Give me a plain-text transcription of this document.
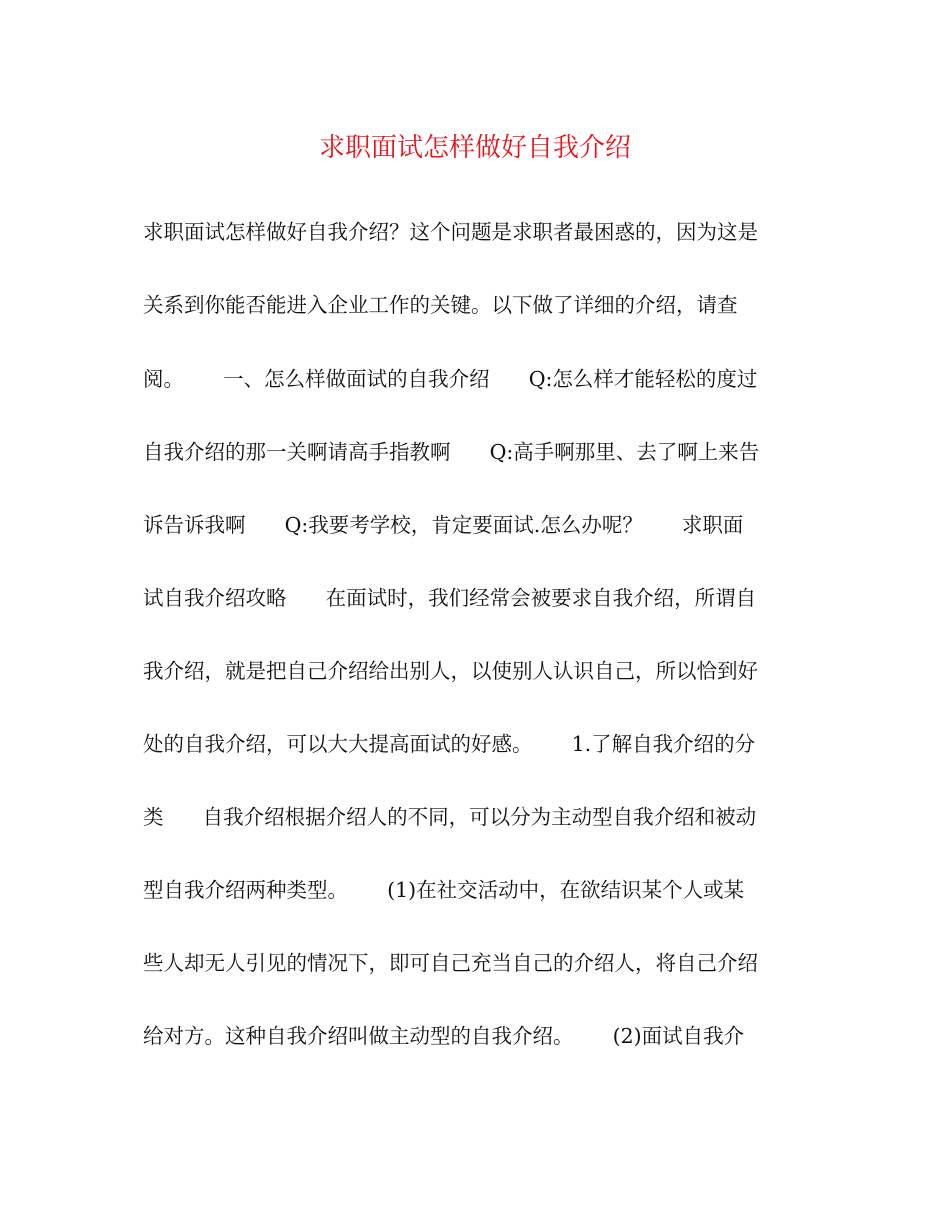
求职面试怎样做好自我介绍
求职面试怎样做好自我介绍？这个问题是求职者最困惑的，因为这是
关系到你能否能进入企业工作的关键。以下做了详细的介绍，请查
阅。      一、怎么样做面试的自我介绍      Q:怎么样才能轻松的度过
自我介绍的那一关啊请高手指教啊      Q:高手啊那里、去了啊上来告
诉告诉我啊      Q:我要考学校，肯定要面试.怎么办呢？      求职面
试自我介绍攻略      在面试时，我们经常会被要求自我介绍，所谓自
我介绍，就是把自己介绍给出别人，以使别人认识自己，所以恰到好
处的自我介绍，可以大大提高面试的好感。      1.了解自我介绍的分
类      自我介绍根据介绍人的不同，可以分为主动型自我介绍和被动
型自我介绍两种类型。      (1)在社交活动中，在欲结识某个人或某
些人却无人引见的情况下，即可自己充当自己的介绍人，将自己介绍
给对方。这种自我介绍叫做主动型的自我介绍。      (2)面试自我介
